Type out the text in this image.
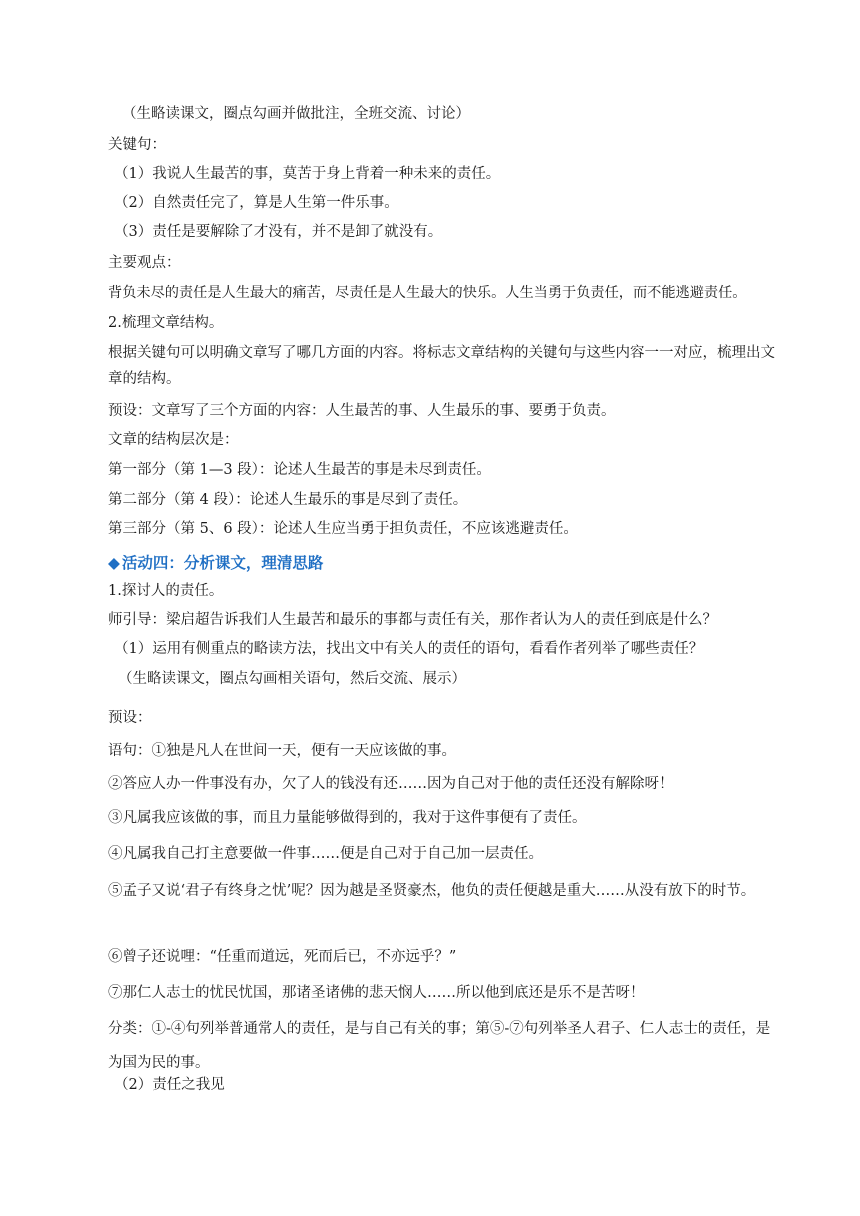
（生略读课文，圈点勾画并做批注，全班交流、讨论）

关键句：

（1）我说人生最苦的事，莫苦于身上背着一种未来的责任。

（2）自然责任完了，算是人生第一件乐事。

（3）责任是要解除了才没有，并不是卸了就没有。

主要观点：

背负未尽的责任是人生最大的痛苦，尽责任是人生最大的快乐。人生当勇于负责任，而不能逃避责任。

2.梳理文章结构。

根据关键句可以明确文章写了哪几方面的内容。将标志文章结构的关键句与这些内容一一对应，梳理出文章的结构。

预设：文章写了三个方面的内容：人生最苦的事、人生最乐的事、要勇于负责。

文章的结构层次是：

第一部分（第 1—3 段）：论述人生最苦的事是未尽到责任。

第二部分（第 4 段）：论述人生最乐的事是尽到了责任。

第三部分（第 5、6 段）：论述人生应当勇于担负责任，不应该逃避责任。

◆ 活动四：分析课文，理清思路

1.探讨人的责任。

师引导：梁启超告诉我们人生最苦和最乐的事都与责任有关，那作者认为人的责任到底是什么？

（1）运用有侧重点的略读方法，找出文中有关人的责任的语句，看看作者列举了哪些责任？

（生略读课文，圈点勾画相关语句，然后交流、展示）

预设：

语句：①独是凡人在世间一天，便有一天应该做的事。

②答应人办一件事没有办，欠了人的钱没有还……因为自己对于他的责任还没有解除呀！

③凡属我应该做的事，而且力量能够做得到的，我对于这件事便有了责任。

④凡属我自己打主意要做一件事……便是自己对于自己加一层责任。

⑤孟子又说‘君子有终身之忧’呢？因为越是圣贤豪杰，他负的责任便越是重大……从没有放下的时节。

⑥曾子还说哩：“任重而道远，死而后已，不亦远乎？”

⑦那仁人志士的忧民忧国，那诸圣诸佛的悲天悯人……所以他到底还是乐不是苦呀！

分类：①-④句列举普通常人的责任，是与自己有关的事；第⑤-⑦句列举圣人君子、仁人志士的责任，是为国为民的事。

（2）责任之我见
